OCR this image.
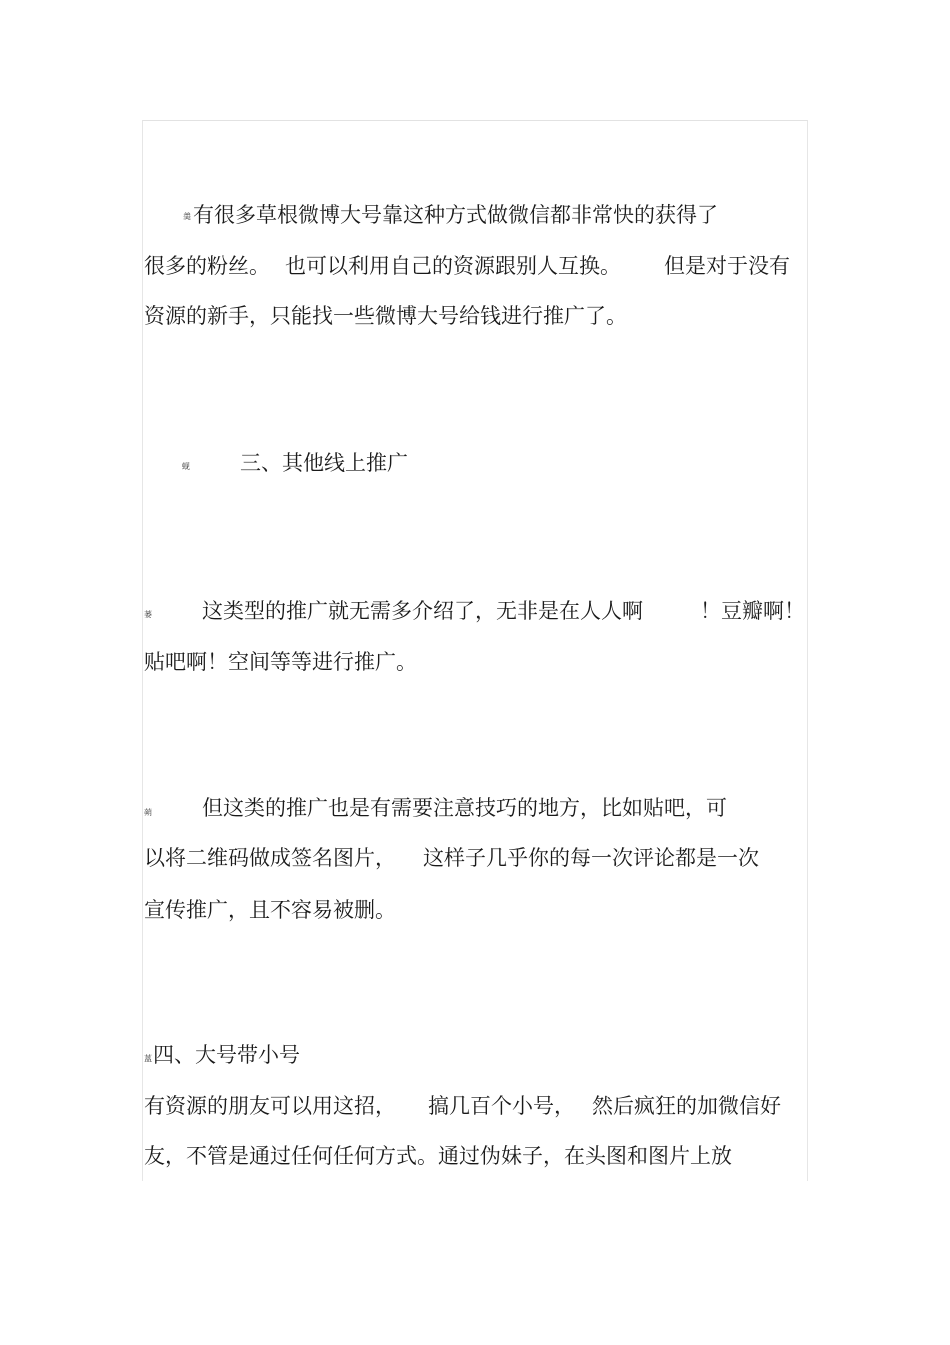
羮 有很多草根微博大号靠这种方式做微信都非常快的获得了
很多的粉丝。 也可以利用自己的资源跟别人互换。 但是对于没有
资源的新手，只能找一些微博大号给钱进行推广了。
蚬 三、其他线上推广
蒌 这类型的推广就无需多介绍了，无非是在人人啊	！豆瓣啊！
贴吧啊！空间等等进行推广。
蒴 但这类的推广也是有需要注意技巧的地方，比如贴吧，可
以将二维码做成签名图片， 这样子几乎你的每一次评论都是一次
宣传推广，且不容易被删。
蒕 四、大号带小号
有资源的朋友可以用这招， 搞几百个小号， 然后疯狂的加微信好
友，不管是通过任何任何方式。通过伪妹子，在头图和图片上放
